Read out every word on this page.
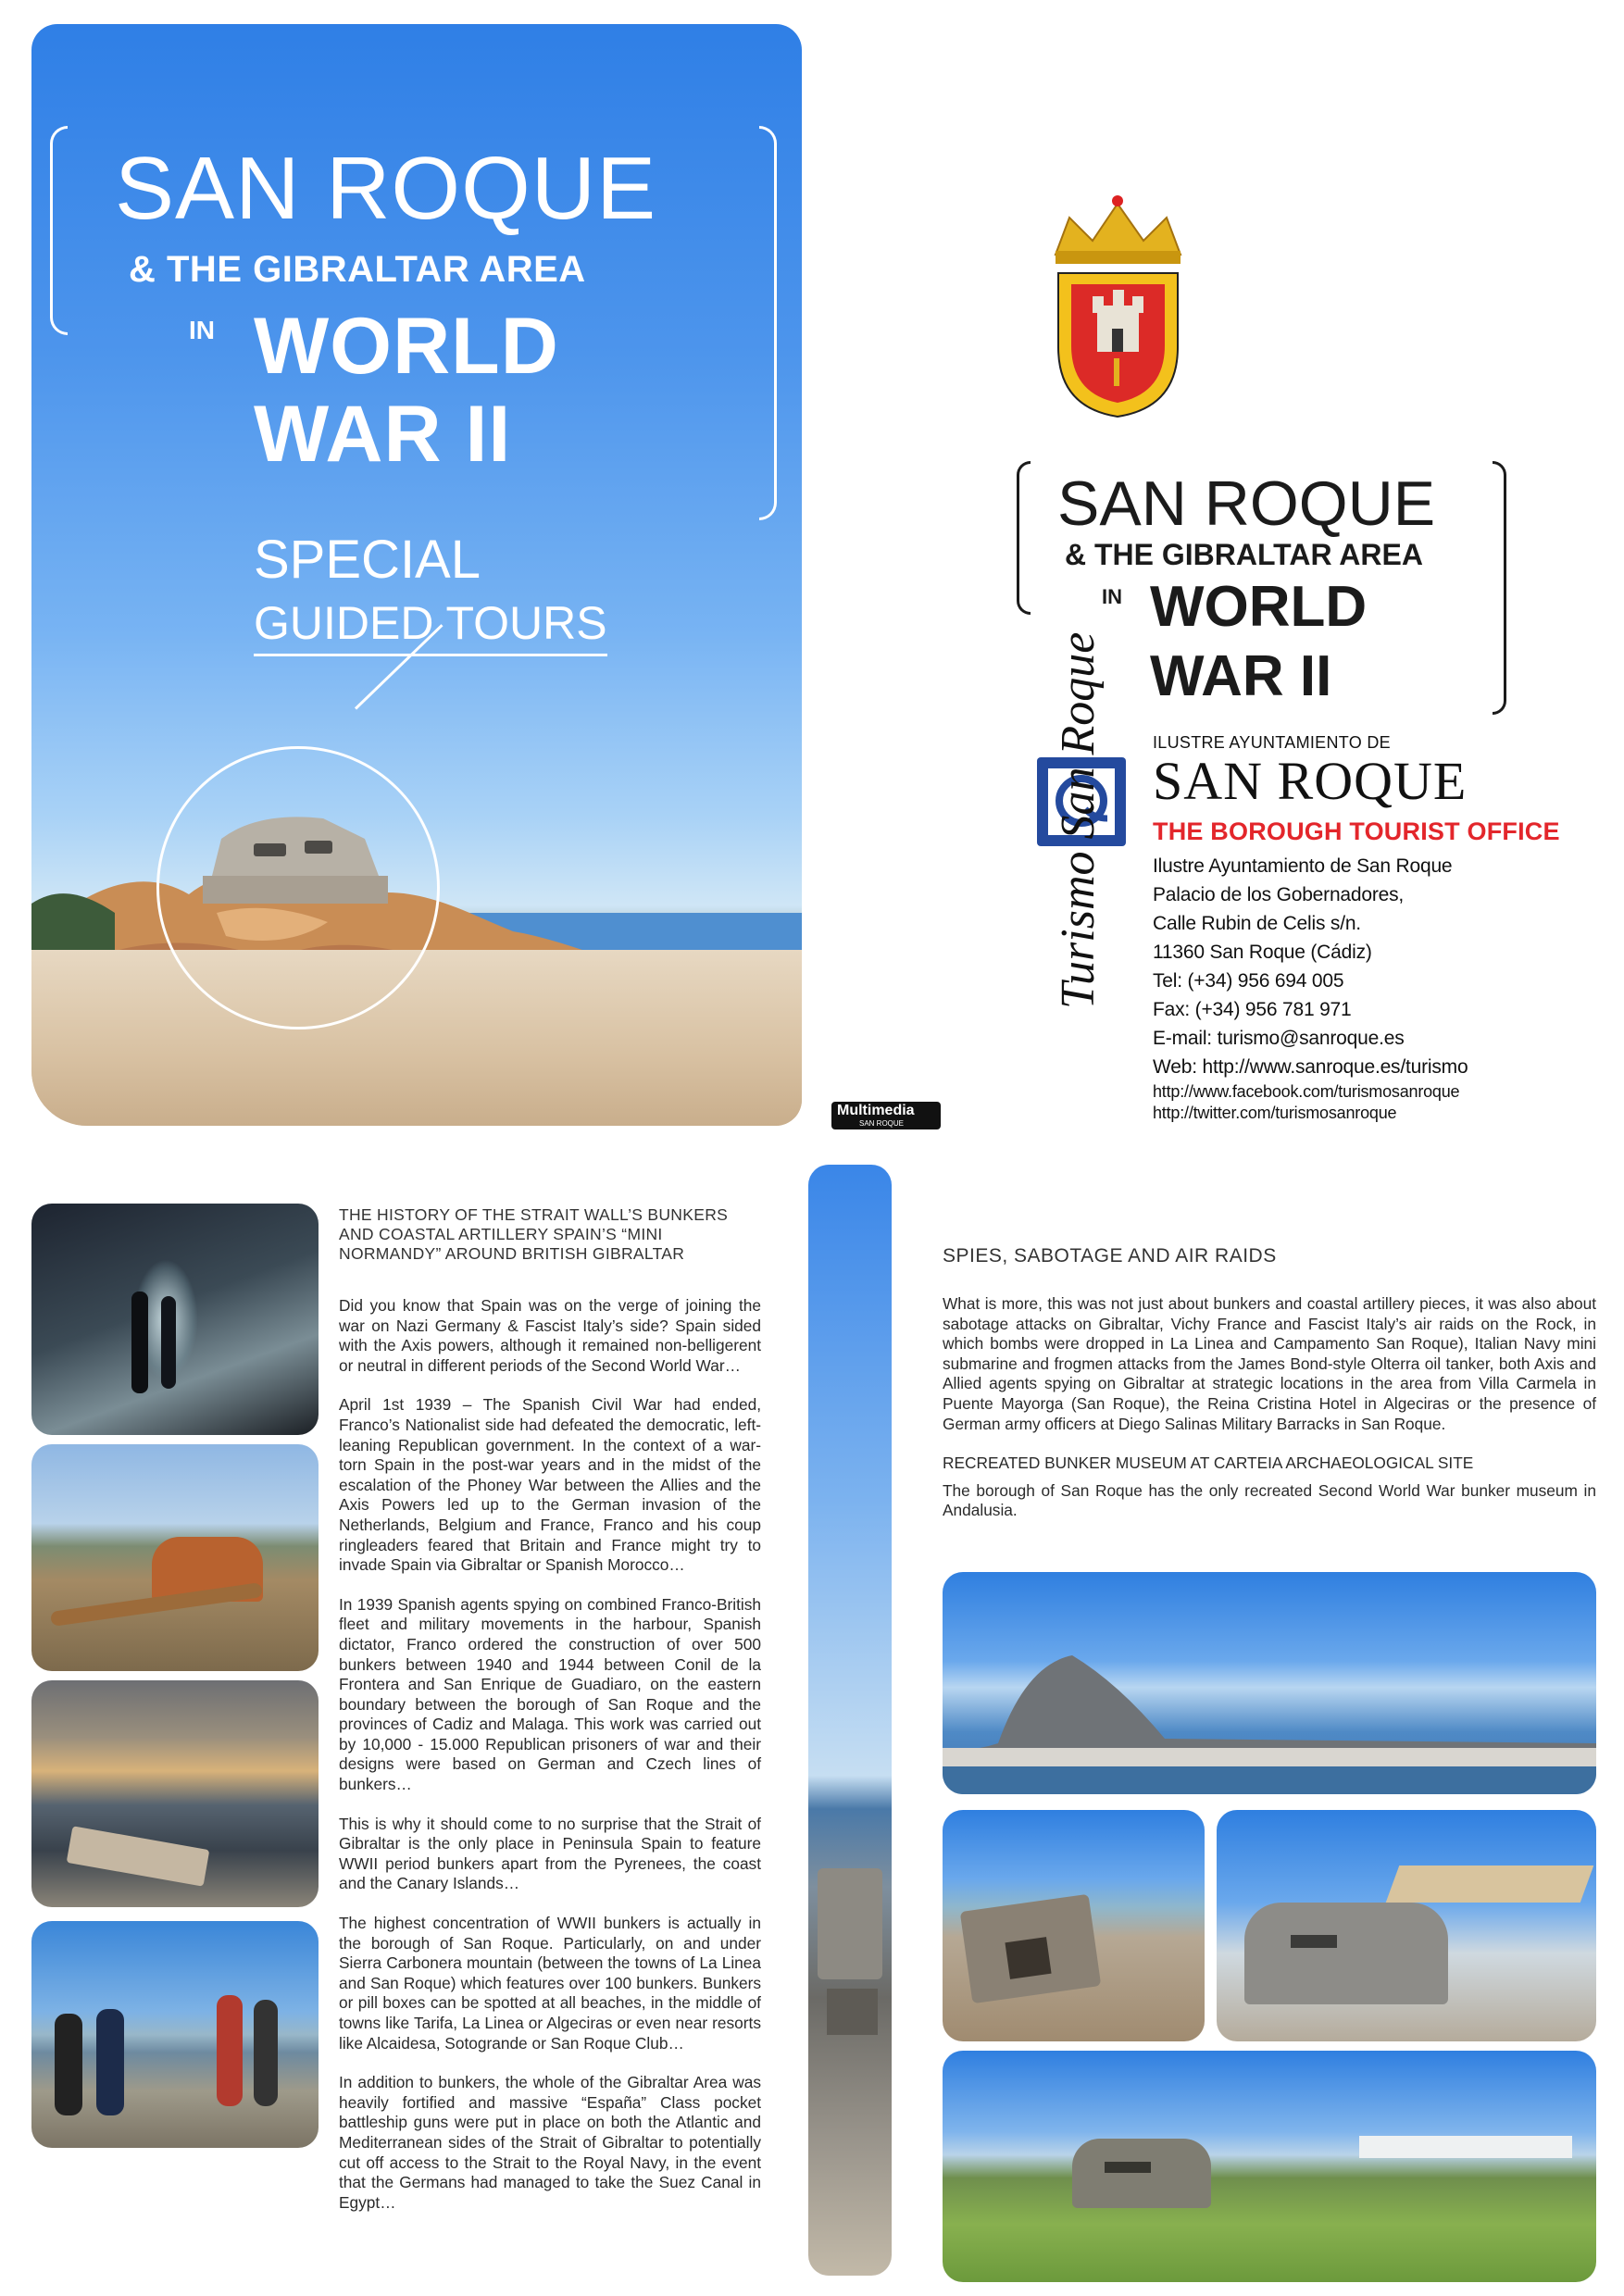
SAN ROQUE
& THE GIBRALTAR AREA
IN WORLD
WAR II
SPECIAL
GUIDED TOURS
SAN ROQUE
& THE GIBRALTAR AREA
IN WORLD
WAR II
ILUSTRE AYUNTAMIENTO DE
SAN ROQUE
THE BOROUGH TOURIST OFFICE
Turismo San Roque	Ilustre Ayuntamiento de San Roque
Palacio de los Gobernadores,
Calle Rubin de Celis s/n.
11360 San Roque (Cádiz)
Tel: (+34) 956 694 005
Fax: (+34) 956 781 971
E-mail: turismo@sanroque.es
Web: http://www.sanroque.es/turismo
http://www.facebook.com/turismosanroque
http://twitter.com/turismosanroque
Multimedia
SAN ROQUE
THE HISTORY OF THE STRAIT WALL’S BUNKERS AND COASTAL ARTILLERY SPAIN’S “MINI NORMANDY” AROUND BRITISH GIBRALTAR

Did you know that Spain was on the verge of joining the war on Nazi Germany & Fascist Italy’s side? Spain sided with the Axis powers, although it remained non-belligerent or neutral in different periods of the Second World War…

April 1st 1939 – The Spanish Civil War had ended, Franco’s Nationalist side had defeated the democratic, left-leaning Republican government. In the context of a war-torn Spain in the post-war years and in the midst of the escalation of the Phoney War between the Allies and the Axis Powers led up to the German invasion of the Netherlands, Belgium and France, Franco and his coup ringleaders feared that Britain and France might try to invade Spain via Gibraltar or Spanish Morocco…

In 1939 Spanish agents spying on combined Franco-British fleet and military movements in the harbour, Spanish dictator, Franco ordered the construction of over 500 bunkers between 1940 and 1944 between Conil de la Frontera and San Enrique de Guadiaro, on the eastern boundary between the borough of San Roque and the provinces of Cadiz and Malaga. This work was carried out by 10,000 - 15.000 Republican prisoners of war and their designs were based on German and Czech lines of bunkers…

This is why it should come to no surprise that the Strait of Gibraltar is the only place in Peninsula Spain to feature WWII period bunkers apart from the Pyrenees, the coast and the Canary Islands…

The highest concentration of WWII bunkers is actually in the borough of San Roque. Particularly, on and under Sierra Carbonera mountain (between the towns of La Linea and San Roque) which features over 100 bunkers. Bunkers or pill boxes can be spotted at all beaches, in the middle of towns like Tarifa, La Linea or Algeciras or even near resorts like Alcaidesa, Sotogrande or San Roque Club…

In addition to bunkers, the whole of the Gibraltar Area was heavily fortified and massive “España” Class pocket battleship guns were put in place on both the Atlantic and Mediterranean sides of the Strait of Gibraltar to potentially cut off access to the Strait to the Royal Navy, in the event that the Germans had managed to take the Suez Canal in Egypt…

SPIES, SABOTAGE AND AIR RAIDS

What is more, this was not just about bunkers and coastal artillery pieces, it was also about sabotage attacks on Gibraltar, Vichy France and Fascist Italy’s air raids on the Rock, in which bombs were dropped in La Linea and Campamento San Roque), Italian Navy mini submarine and frogmen attacks from the James Bond-style Olterra oil tanker, both Axis and Allied agents spying on Gibraltar at strategic locations in the area from Villa Carmela in Puente Mayorga (San Roque), the Reina Cristina Hotel in Algeciras or the presence of German army officers at Diego Salinas Military Barracks in San Roque.

RECREATED BUNKER MUSEUM AT CARTEIA ARCHAEOLOGICAL SITE

The borough of San Roque has the only recreated Second World War bunker museum in Andalusia.
